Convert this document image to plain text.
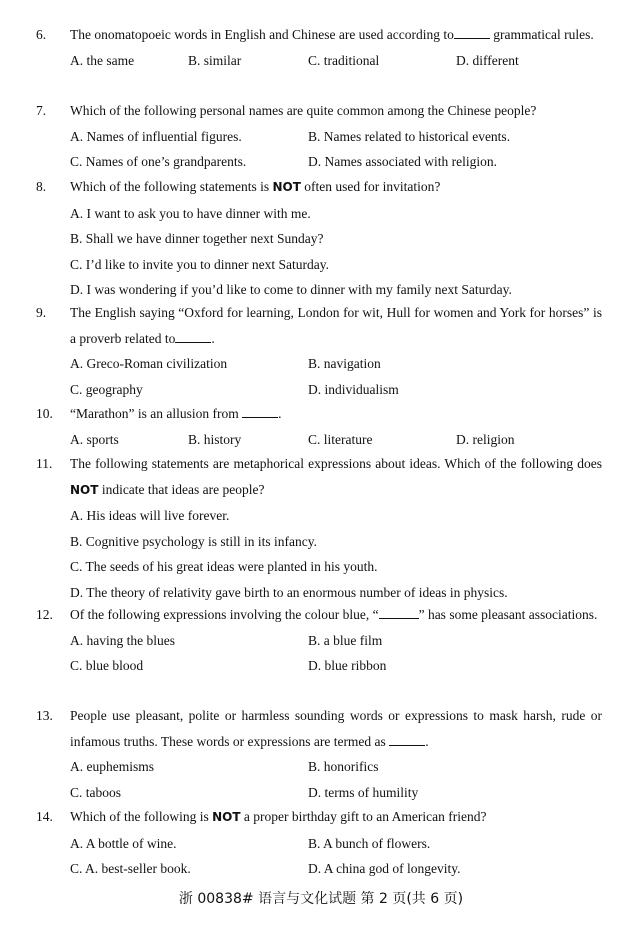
6.	The onomatopoeic words in English and Chinese are used according to	grammatical rules.
A. the same	B. similar	C. traditional	D. different
7.	Which of the following personal names are quite common among the Chinese people?
A. Names of influential figures.	B. Names related to historical events.
C. Names of one’s grandparents.	D. Names associated with religion.
8.	Which of the following statements is NOT often used for invitation?
A. I want to ask you to have dinner with me.
B. Shall we have dinner together next Sunday?
C. I’d like to invite you to dinner next Saturday.
D. I was wondering if you’d like to come to dinner with my family next Saturday.
9.	The English saying “Oxford for learning, London for wit, Hull for women and York for horses” is a proverb related to	.
A. Greco-Roman civilization	B. navigation
C. geography	D. individualism
10.	“Marathon” is an allusion from	.
A. sports	B. history	C. literature	D. religion
11.	The following statements are metaphorical expressions about ideas. Which of the following does NOT indicate that ideas are people?
A. His ideas will live forever.
B. Cognitive psychology is still in its infancy.
C. The seeds of his great ideas were planted in his youth.
D. The theory of relativity gave birth to an enormous number of ideas in physics.
12.	Of the following expressions involving the colour blue, “	” has some pleasant associations.
A. having the blues	B. a blue film
C. blue blood	D. blue ribbon
13.	People use pleasant, polite or harmless sounding words or expressions to mask harsh, rude or infamous truths. These words or expressions are termed as	.
A. euphemisms	B. honorifics
C. taboos	D. terms of humility
14.	Which of the following is NOT a proper birthday gift to an American friend?
A. A bottle of wine.	B. A bunch of flowers.
C. A. best-seller book.	D. A china god of longevity.
浙 00838# 语言与文化试题 第 2 页(共 6 页)
